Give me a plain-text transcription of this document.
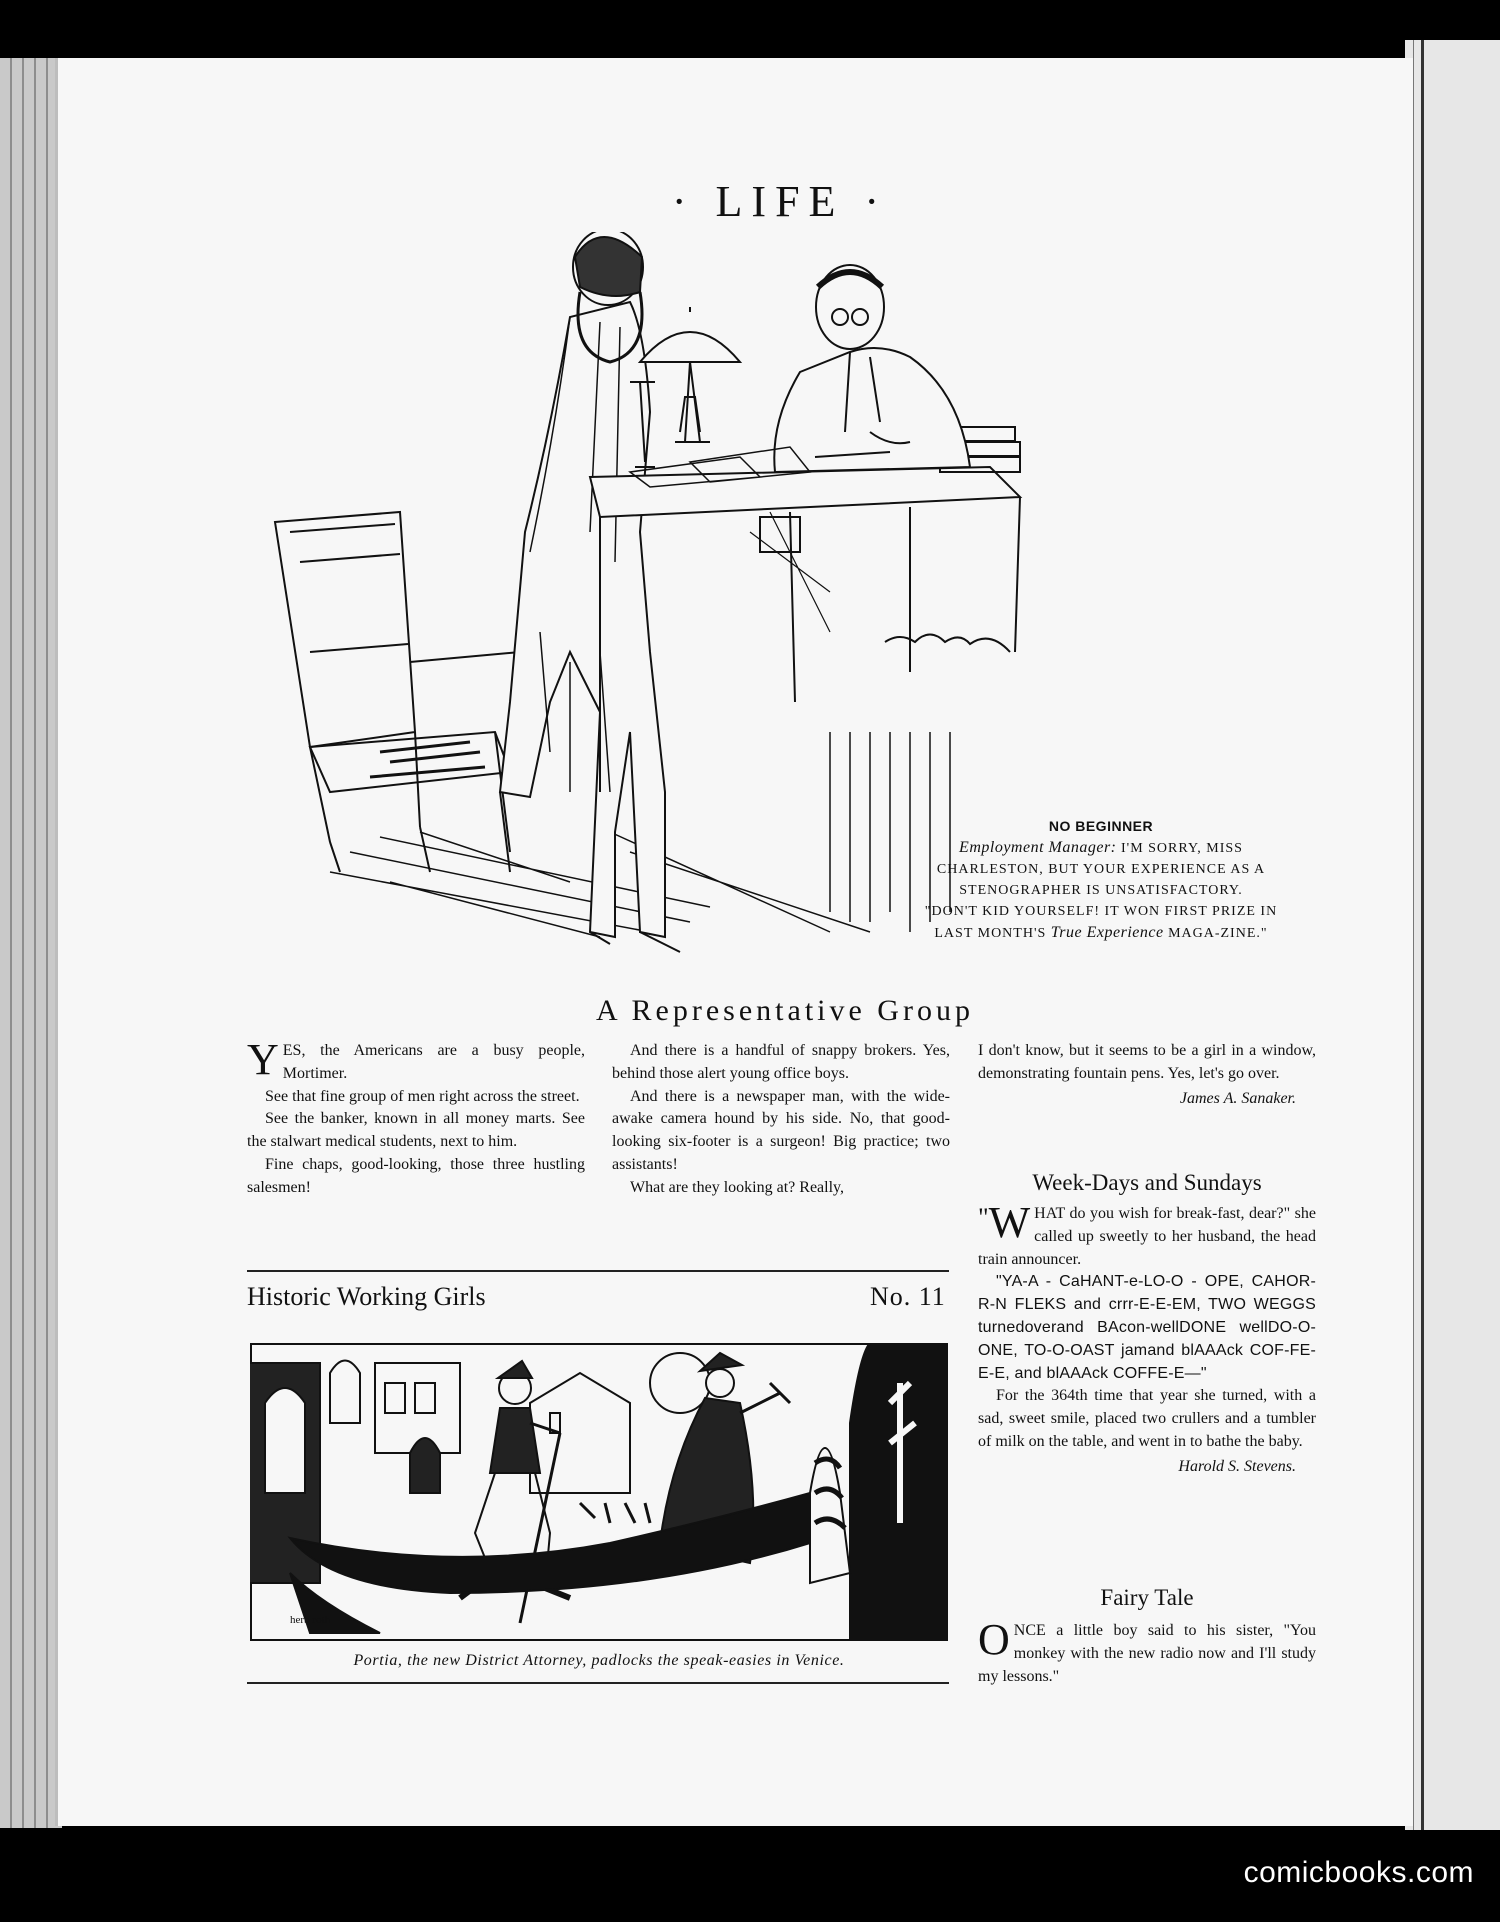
· LIFE ·
NO BEGINNER
Employment Manager: I'M SORRY, MISS CHARLESTON, BUT YOUR EXPERIENCE AS A STENOGRAPHER IS UNSATISFACTORY.
"DON'T KID YOURSELF! IT WON FIRST PRIZE IN LAST MONTH'S True Experience MAGA-ZINE."
A Representative Group

YES, the Americans are a busy people, Mortimer.

See that fine group of men right across the street.

See the banker, known in all money marts. See the stalwart medical students, next to him.

Fine chaps, good-looking, those three hustling salesmen!

And there is a handful of snappy brokers. Yes, behind those alert young office boys.

And there is a newspaper man, with the wide-awake camera hound by his side. No, that good-looking six-footer is a surgeon! Big practice; two assistants!

What are they looking at? Really,

I don't know, but it seems to be a girl in a window, demonstrating fountain pens. Yes, let's go over.

James A. Sanaker.
Historic Working Girls	No. 11
herb roth
Portia, the new District Attorney, padlocks the speak-easies in Venice.
Week-Days and Sundays

" W HAT do you wish for break-fast, dear?" she called up sweetly to her husband, the head train announcer.

"YA-A - CaHANT-e-LO-O - OPE, CAHOR-R-N FLEKS and crrr-E-E-EM, TWO WEGGS turnedoverand BAcon-wellDONE wellDO-O-ONE, TO-O-OAST jamand blAAAck COF-FE-E-E, and blAAAck COFFE-E—"

For the 364th time that year she turned, with a sad, sweet smile, placed two crullers and a tumbler of milk on the table, and went in to bathe the baby.

Harold S. Stevens.
Fairy Tale

ONCE a little boy said to his sister, "You monkey with the new radio now and I'll study my lessons."

comicbooks.com
